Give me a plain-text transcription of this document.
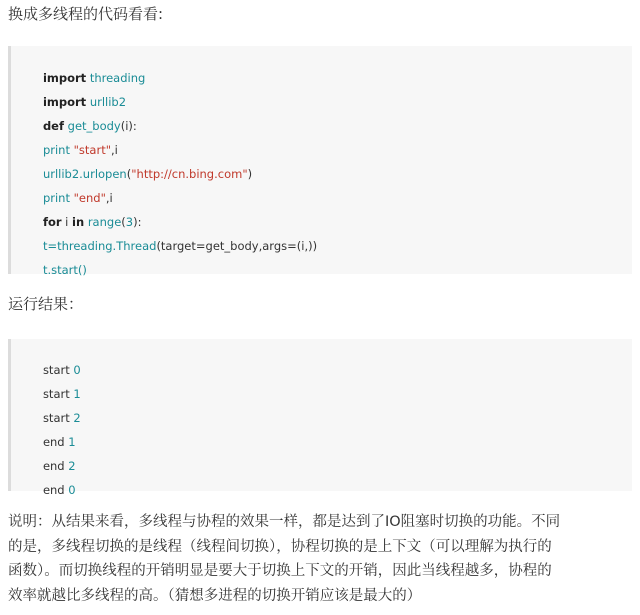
换成多线程的代码看看:

import threading

import urllib2

def get_body(i):

print "start",i

urllib2.urlopen("http://cn.bing.com")

print "end",i

for i in range(3):

t=threading.Thread(target=get_body,args=(i,))

t.start()

运行结果：

start 0

start 1

start 2

end 1

end 2

end 0

说明：从结果来看，多线程与协程的效果一样，都是达到了IO阻塞时切换的功能。不同
的是，多线程切换的是线程（线程间切换），协程切换的是上下文（可以理解为执行的
函数）。而切换线程的开销明显是要大于切换上下文的开销，因此当线程越多，协程的
效率就越比多线程的高。（猜想多进程的切换开销应该是最大的）
